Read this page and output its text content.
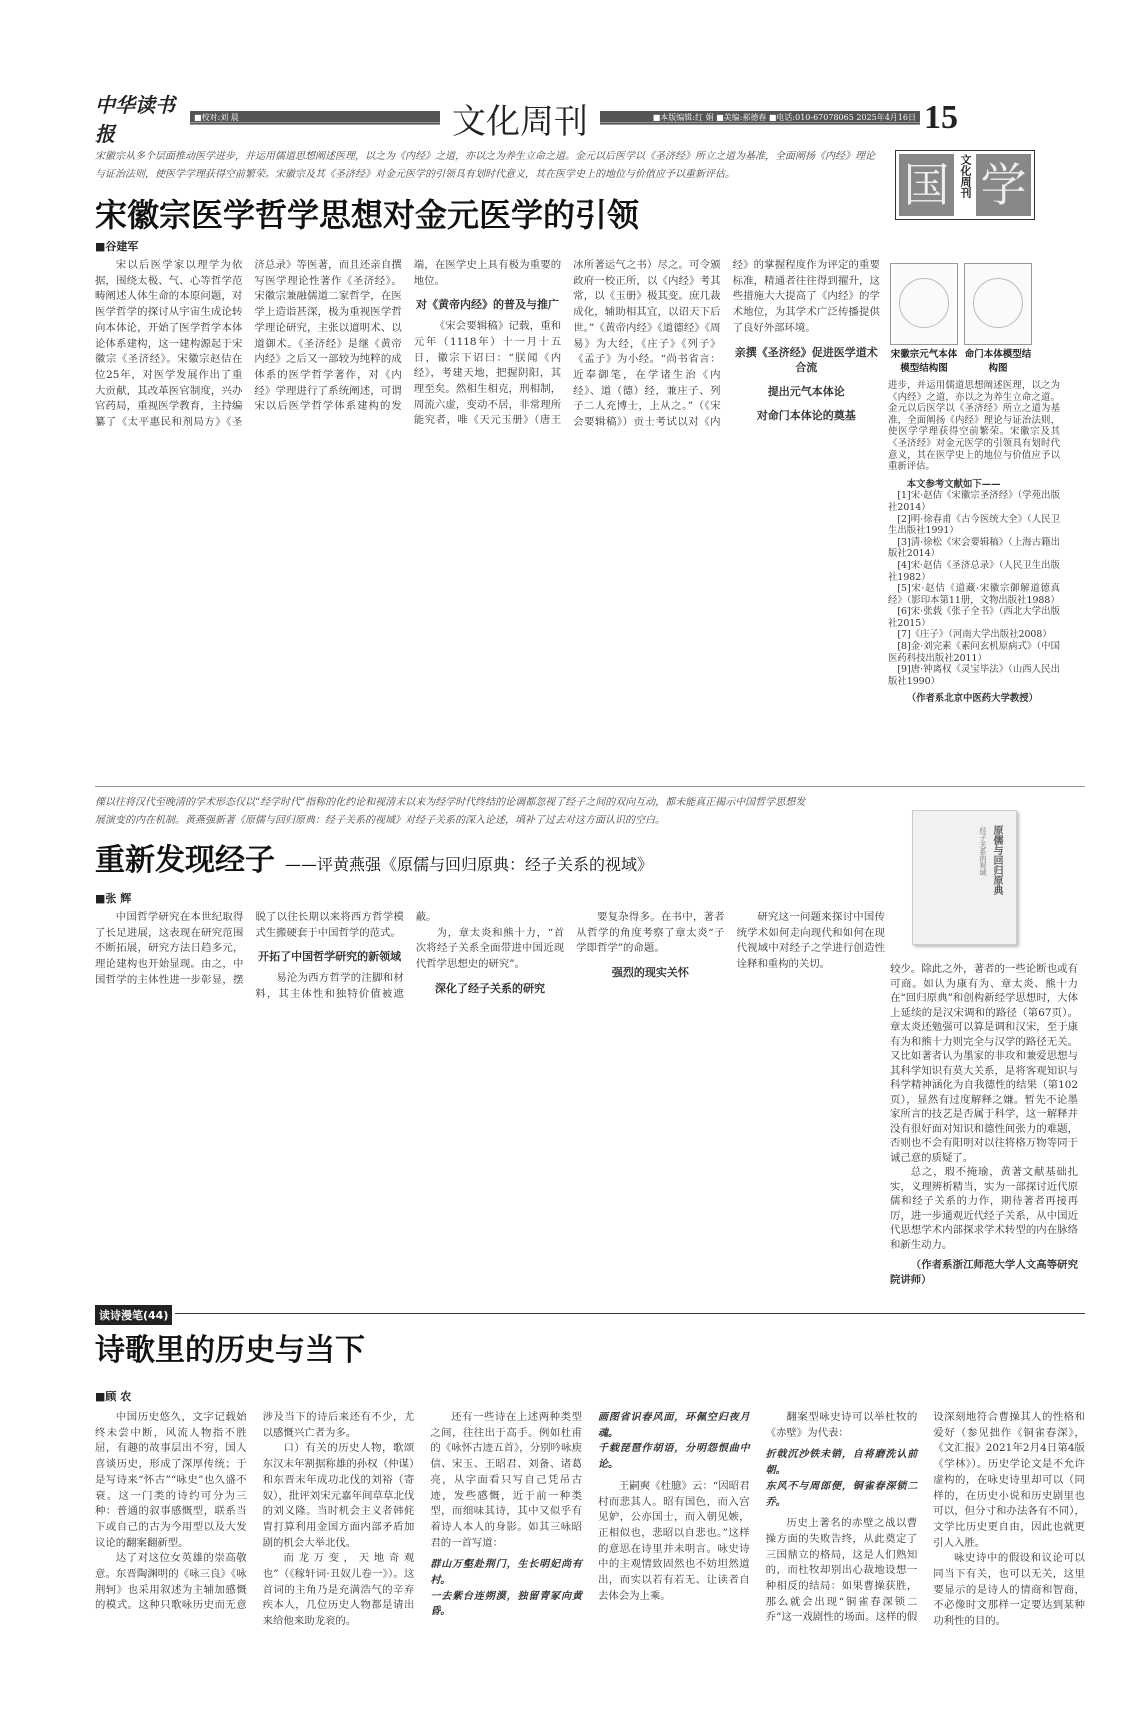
中华读书报
■校对:刘 晨	文化周刊	■本版编辑:红 娟 ■美编:郝德春 ■电话:010-67078065 2025年4月16日 15
宋徽宗从多个层面推动医学进步，并运用儒道思想阐述医理，以之为《内经》之道，亦以之为养生立命之道。金元以后医学以《圣济经》所立之道为基准，全面阐扬《内经》理论与证治法则，使医学学理获得空前繁荣。宋徽宗及其《圣济经》对金元医学的引领具有划时代意义，其在医学史上的地位与价值应予以重新评估。
宋徽宗医学哲学思想对金元医学的引领
■谷建军

宋以后医学家以理学为依据，围绕太极、气、心等哲学范畴阐述人体生命的本原问题，对医学哲学的探讨从宇宙生成论转向本体论，开始了医学哲学本体论体系建构，这一建构源起于宋徽宗《圣济经》。宋徽宗赵佶在位25年，对医学发展作出了重大贡献，其改革医官制度，兴办官药局，重视医学教育，主持编纂了《太平惠民和剂局方》《圣济总录》等医著，而且还亲自撰写医学理论性著作《圣济经》。宋徽宗兼融儒道二家哲学，在医学上造诣甚深，极为重视医学哲学理论研究，主张以道明术、以道御术。《圣济经》是继《黄帝内经》之后又一部较为纯粹的成体系的医学哲学著作，对《内经》学理进行了系统阐述，可谓宋以后医学哲学体系建构的发端，在医学史上具有极为重要的地位。

对《黄帝内经》的普及与推广

《宋会要辑稿》记载，重和元年（1118年）十一月十五日，徽宗下诏曰：“朕闻《内经》，考建天地，把握阴阳，其理至矣。然相生相克，刑相制，周流六虚，变动不居，非常理所能究者，唯《天元玉册》（唐王冰所著运气之书）尽之。可令颁政府一校正所，以《内经》考其常，以《玉册》极其变。庶几裁成化，辅助相其宜，以诏天下后世。”《黄帝内经》《道德经》《周易》为大经，《庄子》《列子》《孟子》为小经。“尚书省言：近奉御笔，在学诸生治《内经》、道（德）经，兼庄子、列子二人充博士，上从之。”（《宋会要辑稿》）贡士考试以对《内经》的掌握程度作为评定的重要标准，精通者往往得到擢升，这些措施大大提高了《内经》的学术地位，为其学术广泛传播提供了良好外部环境。

亲撰《圣济经》促进医学道术合流
提出元气本体论
对命门本体论的奠基
国 文化周刊 学
宋徽宗元气本体模型结构图
命门本体模型结构图

进步，并运用儒道思想阐述医理，以之为《内经》之道，亦以之为养生立命之道。金元以后医学以《圣济经》所立之道为基准，全面阐扬《内经》理论与证治法则，使医学学理获得空前繁荣。宋徽宗及其《圣济经》对金元医学的引领具有划时代意义，其在医学史上的地位与价值应予以重新评估。

本文参考文献如下——

[1]宋·赵佶《宋徽宗圣济经》（学苑出版社2014）

[2]明·徐春甫《古今医统大全》（人民卫生出版社1991）

[3]清·徐松《宋会要辑稿》（上海古籍出版社2014）

[4]宋·赵佶《圣济总录》（人民卫生出版社1982）

[5]宋·赵佶《道藏·宋徽宗御解道德真经》（影印本第11册，文物出版社1988）

[6]宋·张载《张子全书》（西北大学出版社2015）

[7]《庄子》（河南大学出版社2008）

[8]金·刘完素《素问玄机原病式》（中国医药科技出版社2011）

[9]唐·钟离权《灵宝毕法》（山西人民出版社1990）

（作者系北京中医药大学教授）

傈以往将汉代至晚清的学术形态仅以“经学时代”指称的化约论和视清末以来为经学时代终结的论调都忽视了经子之间的双向互动，都未能真正揭示中国哲学思想发展演变的内在机制。黄燕强新著《原儒与回归原典：经子关系的视域》对经子关系的深入论述，填补了过去对这方面认识的空白。
重新发现经子 ——评黄燕强《原儒与回归原典：经子关系的视域》
■张 辉

中国哲学研究在本世纪取得了长足进展，这表现在研究范围不断拓展，研究方法日趋多元，理论建构也开始显现。由之，中国哲学的主体性进一步彰显，摆脱了以往长期以来将西方哲学模式生搬硬套于中国哲学的范式。

开拓了中国哲学研究的新领域

易沦为西方哲学的注脚和材料，其主体性和独特价值被遮蔽。

为，章太炎和熊十力，“首次将经子关系全面带进中国近现代哲学思想史的研究”。

深化了经子关系的研究

要复杂得多。在书中，著者从哲学的角度考察了章太炎“子学即哲学”的命题。

强烈的现实关怀

研究这一问题来探讨中国传统学术如何走向现代和如何在现代视域中对经子之学进行创造性诠释和重构的关切。

原儒与回归原典
经子关系的视域

较少。除此之外，著者的一些论断也或有可商。如认为康有为、章太炎、熊十力在“回归原典”和创构新经学思想时，大体上延续的是汉宋调和的路径（第67页）。章太炎还勉强可以算是调和汉宋，至于康有为和熊十力则完全与汉学的路径无关。又比如著者认为墨家的非攻和兼爱思想与其科学知识有莫大关系，是将客观知识与科学精神涵化为自我德性的结果（第102页），显然有过度解释之嫌。暂先不论墨家所言的技艺是否属于科学，这一解释并没有很好面对知识和德性间张力的难题，否则也不会有阳明对以往将格万物等同于诚己意的质疑了。

总之，瑕不掩瑜，黄著文献基础扎实，义理辨析精当，实为一部探讨近代原儒和经子关系的力作，期待著者再接再厉，进一步通观近代经子关系，从中国近代思想学术内部探求学术转型的内在脉络和新生动力。

（作者系浙江师范大学人文高等研究院讲师）

读诗漫笔(44)
诗歌里的历史与当下
■顾 农

中国历史悠久，文字记载始终未尝中断，风流人物指不胜屈，有趣的故事层出不穷，国人喜谈历史，形成了深厚传统；于是写诗来“怀古”“咏史”也久盛不衰。这一门类的诗约可分为三种：普通的叙事感慨型，联系当下或自己的古为今用型以及大发议论的翻案翻新型。

达了对这位女英雄的崇高敬意。东晋陶渊明的《咏三良》《咏荆轲》也采用叙述为主辅加感慨的模式。这种只歌咏历史而无意涉及当下的诗后来还有不少，尤以感慨兴亡者为多。

口）有关的历史人物，歌颂东汉末年割据称雄的孙权（仲谋）和东晋末年成功北伐的刘裕（寄奴），批评刘宋元嘉年间草草北伐的刘义隆。当时机会主义者韩侂胄打算利用金国方面内部矛盾加剧的机会大举北伐。

而龙万变，天地奇观也”（《稼轩词·丑奴儿卷一》）。这首词的主角乃是充满浩气的辛弃疾本人，几位历史人物都是请出来给他来助龙衮的。

还有一些诗在上述两种类型之间，往往出于高手。例如杜甫的《咏怀古迹五首》，分别吟咏庾信、宋玉、王昭君、刘备、诸葛亮，从字面看只写自己凭吊古迹，发些感慨，近于前一种类型，而细味其诗，其中又似乎有着诗人本人的身影。如其三咏昭君的一首写道：

群山万壑赴荆门，生长明妃尚有村。
一去紫台连朔漠，独留青冢向黄昏。
画图省识春风面，环佩空归夜月魂。
千载琵琶作胡语，分明怨恨曲中论。

王嗣奭《杜臆》云：“因昭君村而悲其人。昭有国色，而入宫见妒，公亦国士，而入朝见嫉，正相似也，悲昭以自悲也。”这样的意思在诗里并未明言。咏史诗中的主观情致固然也不妨坦然道出，而实以若有若无、让读者自去体会为上乘。

翻案型咏史诗可以举杜牧的《赤壁》为代表：

折戟沉沙铁未销，自将磨洗认前朝。
东风不与周郎便，铜雀春深锁二乔。

历史上著名的赤壁之战以曹操方面的失败告终，从此奠定了三国鼎立的格局，这是人们熟知的，而杜牧却别出心裁地设想一种相反的结局：如果曹操获胜，那么就会出现“铜雀春深锁二乔”这一戏剧性的场面。这样的假设深刻地符合曹操其人的性格和爱好（参见拙作《铜雀春深》，《文汇报》2021年2月4日第4版《学林》）。历史学论文是不允许虚构的，在咏史诗里却可以（同样的，在历史小说和历史剧里也可以，但分寸和办法各有不同），文学比历史更自由，因此也就更引人入胜。

咏史诗中的假设和议论可以同当下有关，也可以无关，这里要显示的是诗人的情商和智商，不必像时文那样一定要达到某种功利性的目的。
